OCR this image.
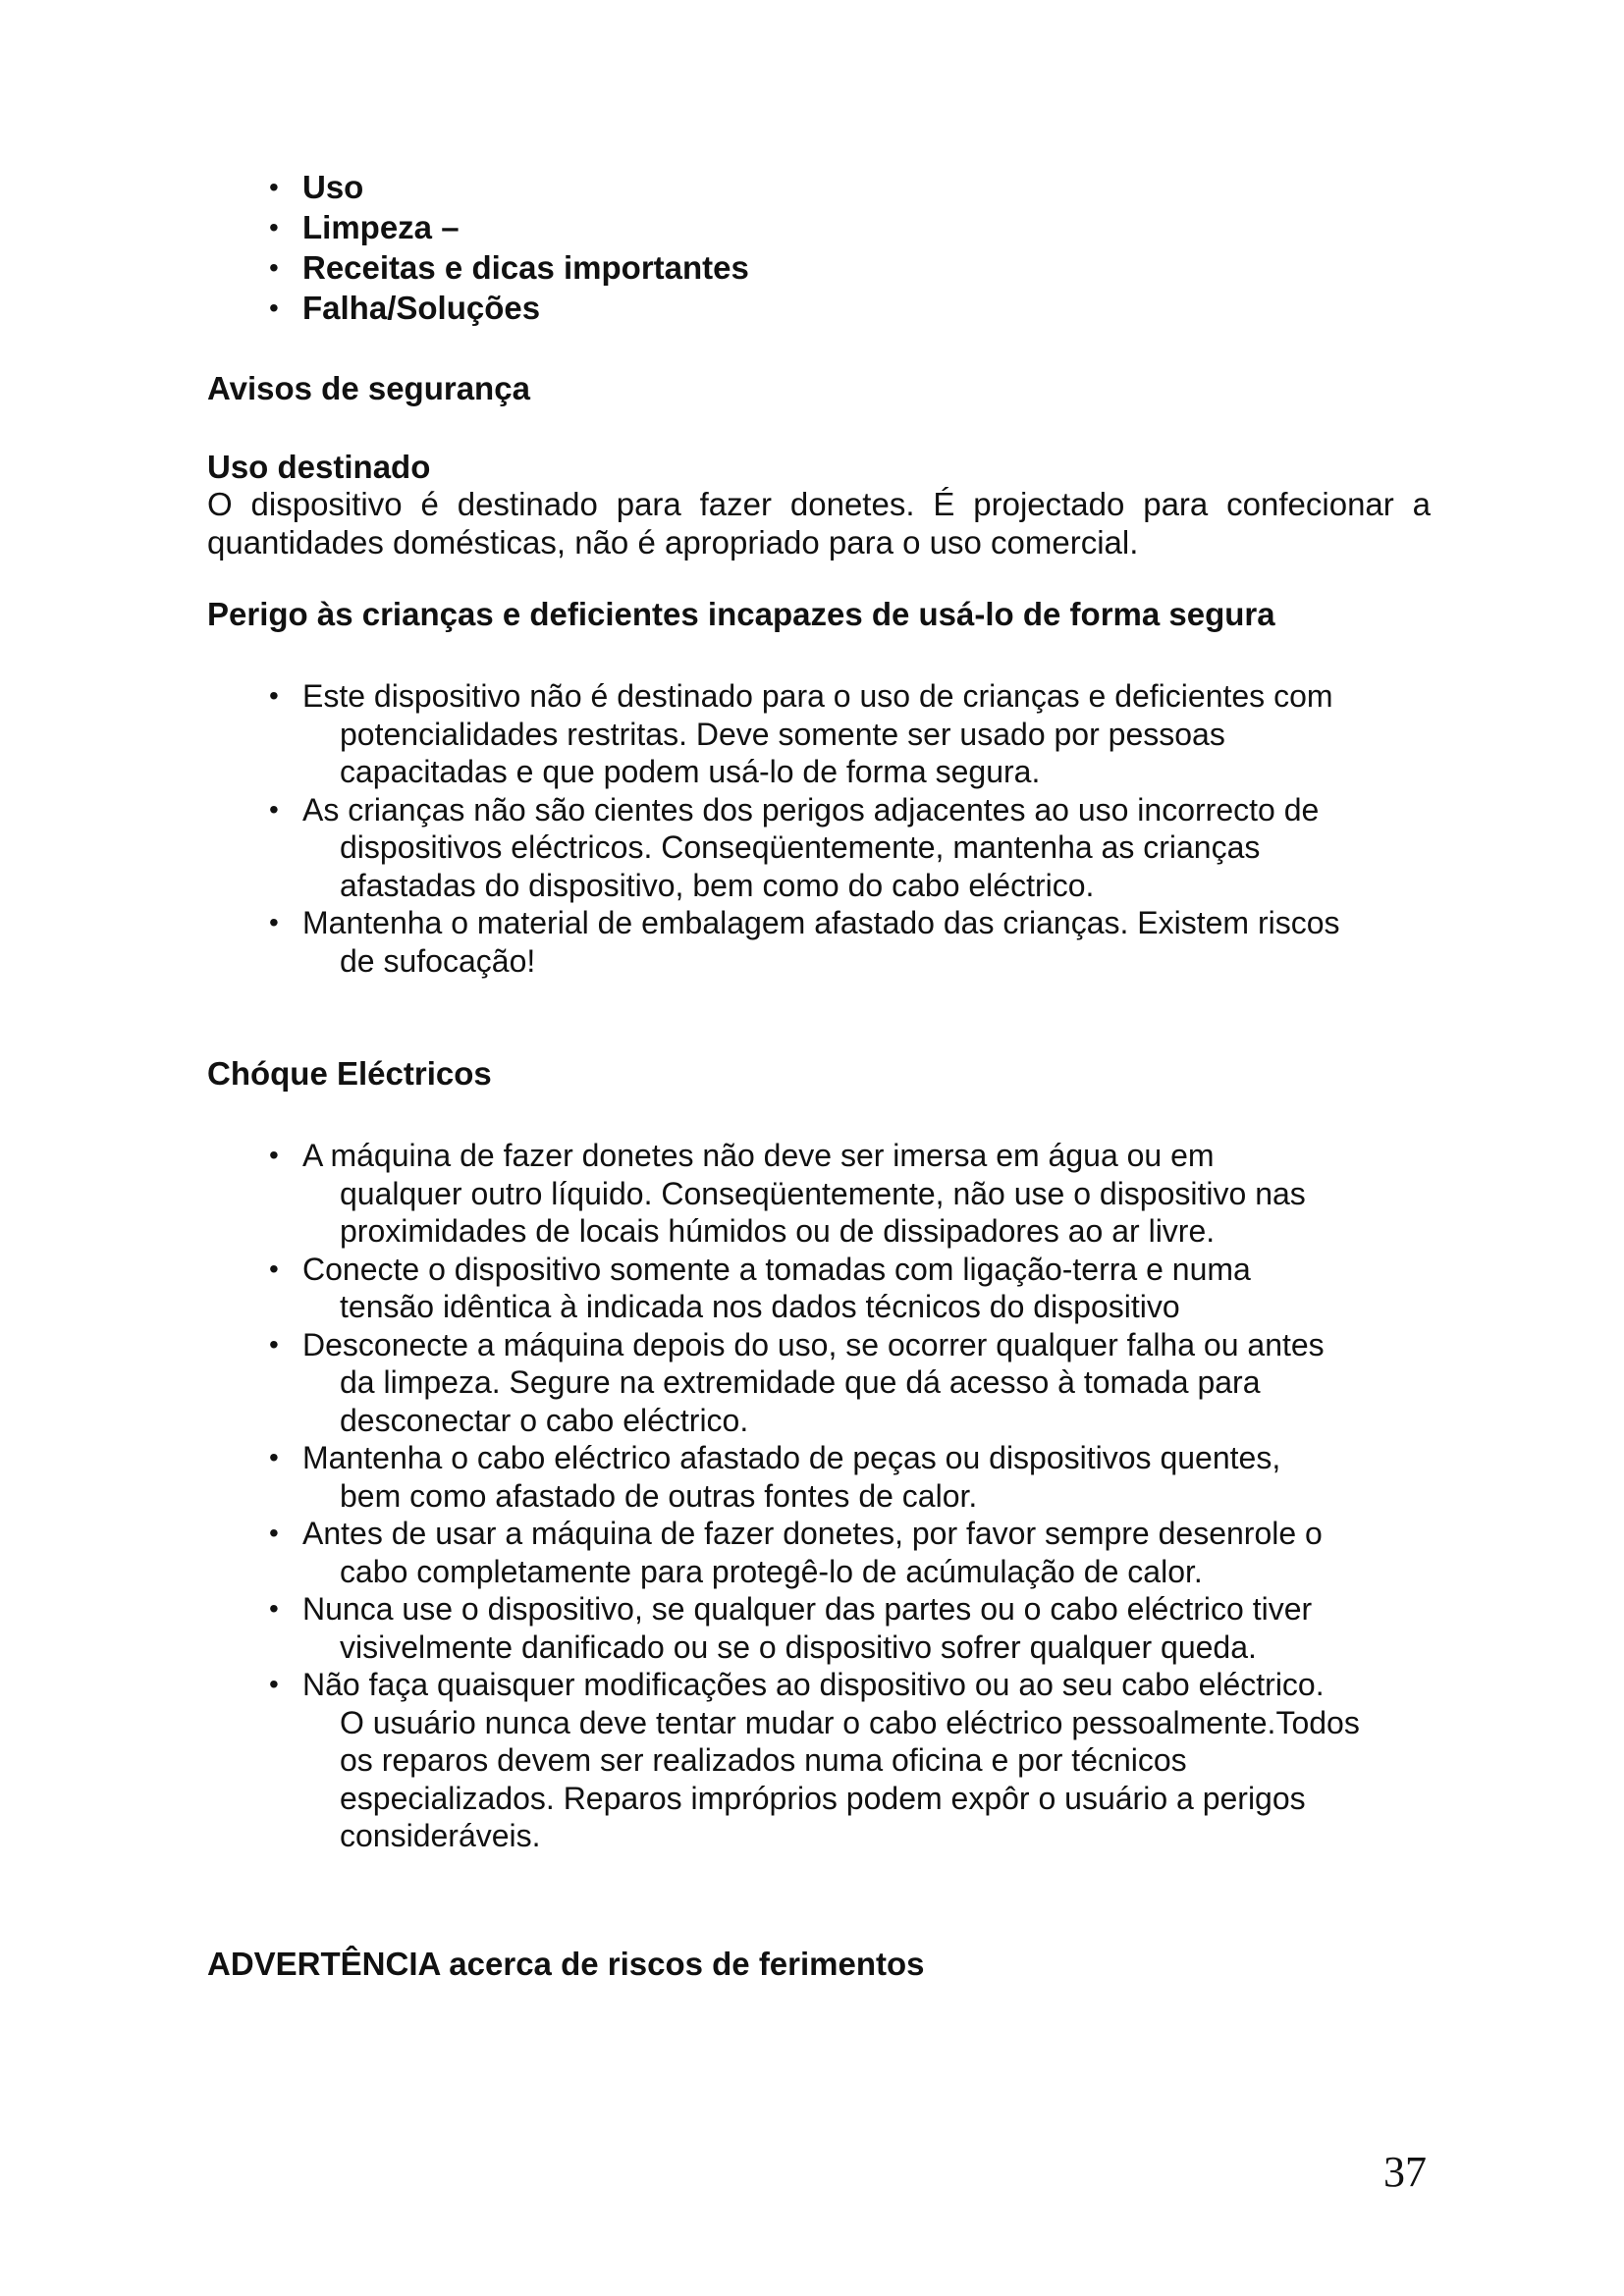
• Uso
• Limpeza –
• Receitas e dicas importantes
• Falha/Soluções
Avisos de segurança
Uso destinado

O dispositivo é destinado para fazer donetes. É projectado para confecionar a
quantidades domésticas, não é apropriado para o uso comercial.

Perigo às crianças e deficientes incapazes de usá-lo de forma segura
• Este dispositivo não é destinado para o uso de crianças e deficientes com
potencialidades restritas. Deve somente ser usado por pessoas
capacitadas e que podem usá-lo de forma segura.
• As crianças não são cientes dos perigos adjacentes ao uso incorrecto de
dispositivos eléctricos. Conseqüentemente, mantenha as crianças
afastadas do dispositivo, bem como do cabo eléctrico.
• Mantenha o material de embalagem afastado das crianças. Existem riscos
de sufocação!
Chóque Eléctricos
• A máquina de fazer donetes não deve ser imersa em água ou em
qualquer outro líquido. Conseqüentemente, não use o dispositivo nas
proximidades de locais húmidos ou de dissipadores ao ar livre.
• Conecte o dispositivo somente a tomadas com ligação-terra e numa
tensão idêntica à indicada nos dados técnicos do dispositivo
• Desconecte a máquina depois do uso, se ocorrer qualquer falha ou antes
da limpeza. Segure na extremidade que dá acesso à tomada para
desconectar o cabo eléctrico.
• Mantenha o cabo eléctrico afastado de peças ou dispositivos quentes,
bem como afastado de outras fontes de calor.
• Antes de usar a máquina de fazer donetes, por favor sempre desenrole o
cabo completamente para protegê-lo de acúmulação de calor.
• Nunca use o dispositivo, se qualquer das partes ou o cabo eléctrico tiver
visivelmente danificado ou se o dispositivo sofrer qualquer queda.
• Não faça quaisquer modificações ao dispositivo ou ao seu cabo eléctrico.
O usuário nunca deve tentar mudar o cabo eléctrico pessoalmente.Todos
os reparos devem ser realizados numa oficina e por técnicos
especializados. Reparos impróprios podem expôr o usuário a perigos
consideráveis.
ADVERTÊNCIA acerca de riscos de ferimentos
37
